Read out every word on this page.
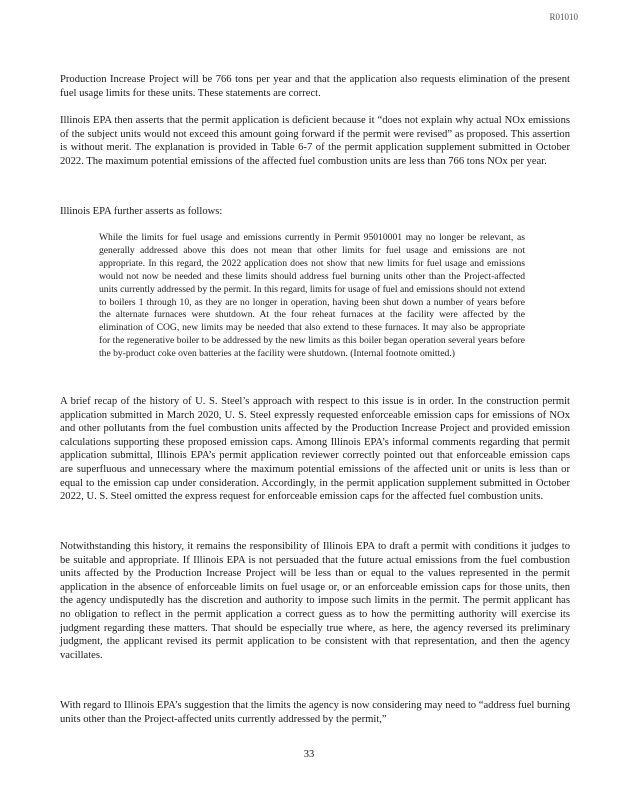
R01010

Production Increase Project will be 766 tons per year and that the application also requests elimination of the present fuel usage limits for these units. These statements are correct.

Illinois EPA then asserts that the permit application is deficient because it “does not explain why actual NOx emissions of the subject units would not exceed this amount going forward if the permit were revised” as proposed. This assertion is without merit. The explanation is provided in Table 6-7 of the permit application supplement submitted in October 2022. The maximum potential emissions of the affected fuel combustion units are less than 766 tons NOx per year.

Illinois EPA further asserts as follows:

While the limits for fuel usage and emissions currently in Permit 95010001 may no longer be relevant, as generally addressed above this does not mean that other limits for fuel usage and emissions are not appropriate. In this regard, the 2022 application does not show that new limits for fuel usage and emissions would not now be needed and these limits should address fuel burning units other than the Project-affected units currently addressed by the permit. In this regard, limits for usage of fuel and emissions should not extend to boilers 1 through 10, as they are no longer in operation, having been shut down a number of years before the alternate furnaces were shutdown. At the four reheat furnaces at the facility were affected by the elimination of COG, new limits may be needed that also extend to these furnaces. It may also be appropriate for the regenerative boiler to be addressed by the new limits as this boiler began operation several years before the by-product coke oven batteries at the facility were shutdown. (Internal footnote omitted.)

A brief recap of the history of U. S. Steel’s approach with respect to this issue is in order. In the construction permit application submitted in March 2020, U. S. Steel expressly requested enforceable emission caps for emissions of NOx and other pollutants from the fuel combustion units affected by the Production Increase Project and provided emission calculations supporting these proposed emission caps. Among Illinois EPA’s informal comments regarding that permit application submittal, Illinois EPA’s permit application reviewer correctly pointed out that enforceable emission caps are superfluous and unnecessary where the maximum potential emissions of the affected unit or units is less than or equal to the emission cap under consideration. Accordingly, in the permit application supplement submitted in October 2022, U. S. Steel omitted the express request for enforceable emission caps for the affected fuel combustion units.

Notwithstanding this history, it remains the responsibility of Illinois EPA to draft a permit with conditions it judges to be suitable and appropriate. If Illinois EPA is not persuaded that the future actual emissions from the fuel combustion units affected by the Production Increase Project will be less than or equal to the values represented in the permit application in the absence of enforceable limits on fuel usage or, or an enforceable emission caps for those units, then the agency undisputedly has the discretion and authority to impose such limits in the permit. The permit applicant has no obligation to reflect in the permit application a correct guess as to how the permitting authority will exercise its judgment regarding these matters. That should be especially true where, as here, the agency reversed its preliminary judgment, the applicant revised its permit application to be consistent with that representation, and then the agency vacillates.

With regard to Illinois EPA’s suggestion that the limits the agency is now considering may need to “address fuel burning units other than the Project-affected units currently addressed by the permit,”

33
